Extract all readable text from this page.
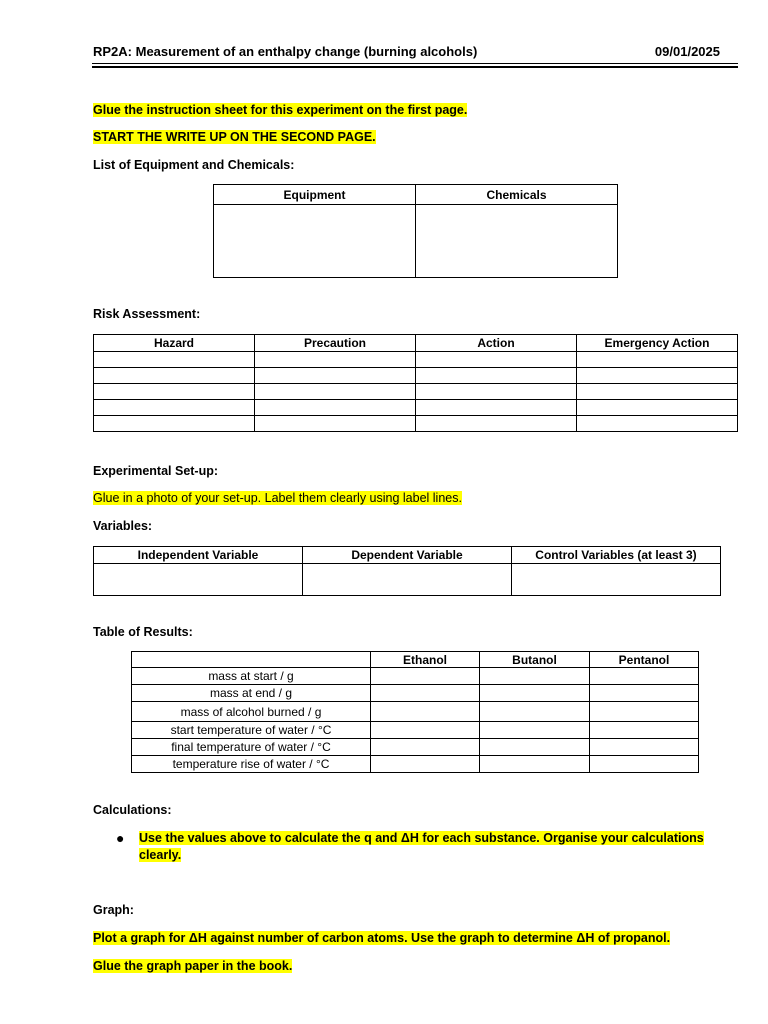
RP2A: Measurement of an enthalpy change (burning alcohols)	09/01/2025
Glue the instruction sheet for this experiment on the first page.
START THE WRITE UP ON THE SECOND PAGE.
List of Equipment and Chemicals:
Equipment	Chemicals

Risk Assessment:
Hazard	Precaution	Action	Emergency Action

Experimental Set-up:
Glue in a photo of your set-up. Label them clearly using label lines.
Variables:
Independent Variable	Dependent Variable	Control Variables (at least 3)

Table of Results:
	Ethanol	Butanol	Pentanol
mass at start / g			
mass at end / g			
mass of alcohol burned / g			
start temperature of water / °C			
final temperature of water / °C			
temperature rise of water / °C			
Calculations:
●	Use the values above to calculate the q and ΔH for each substance. Organise your calculations clearly.
Graph:
Plot a graph for ΔH against number of carbon atoms. Use the graph to determine ΔH of propanol.
Glue the graph paper in the book.
